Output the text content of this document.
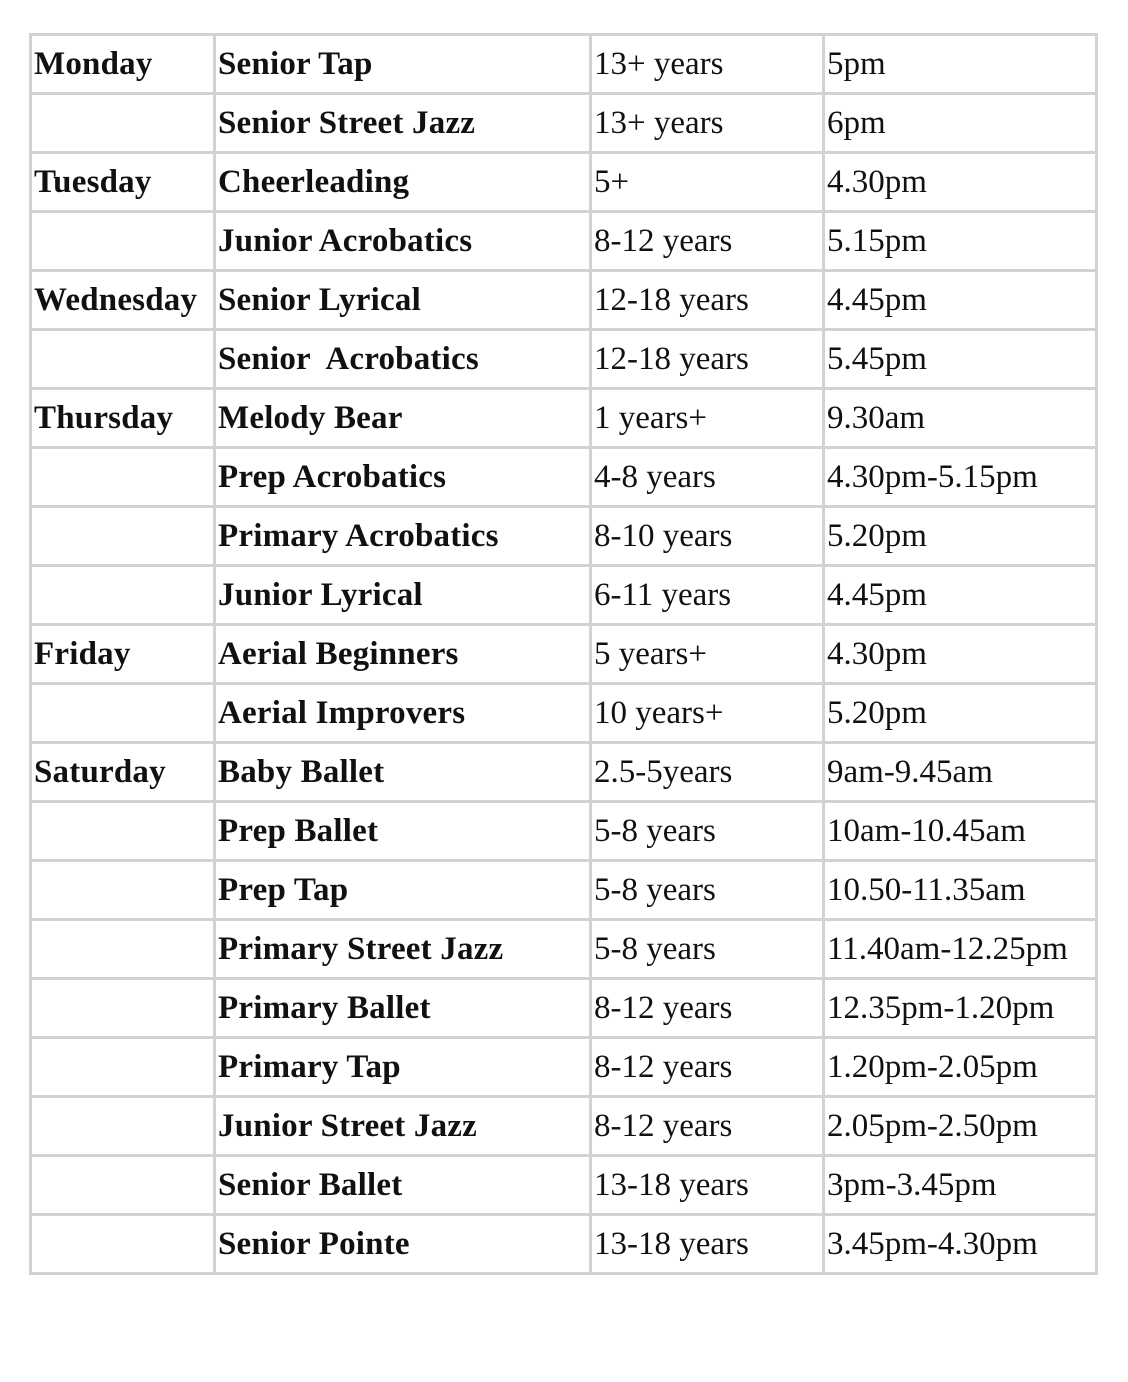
Monday	Senior Tap	13+ years	5pm
	Senior Street Jazz	13+ years	6pm
Tuesday	Cheerleading	5+	4.30pm
	Junior Acrobatics	8-12 years	5.15pm
Wednesday	Senior Lyrical	12-18 years	4.45pm
	Senior  Acrobatics	12-18 years	5.45pm
Thursday	Melody Bear	1 years+	9.30am
	Prep Acrobatics	4-8 years	4.30pm-5.15pm
	Primary Acrobatics	8-10 years	5.20pm
	Junior Lyrical	6-11 years	4.45pm
Friday	Aerial Beginners	5 years+	4.30pm
	Aerial Improvers	10 years+	5.20pm
Saturday	Baby Ballet	2.5-5years	9am-9.45am
	Prep Ballet	5-8 years	10am-10.45am
	Prep Tap	5-8 years	10.50-11.35am
	Primary Street Jazz	5-8 years	11.40am-12.25pm
	Primary Ballet	8-12 years	12.35pm-1.20pm
	Primary Tap	8-12 years	1.20pm-2.05pm
	Junior Street Jazz	8-12 years	2.05pm-2.50pm
	Senior Ballet	13-18 years	3pm-3.45pm
	Senior Pointe	13-18 years	3.45pm-4.30pm
